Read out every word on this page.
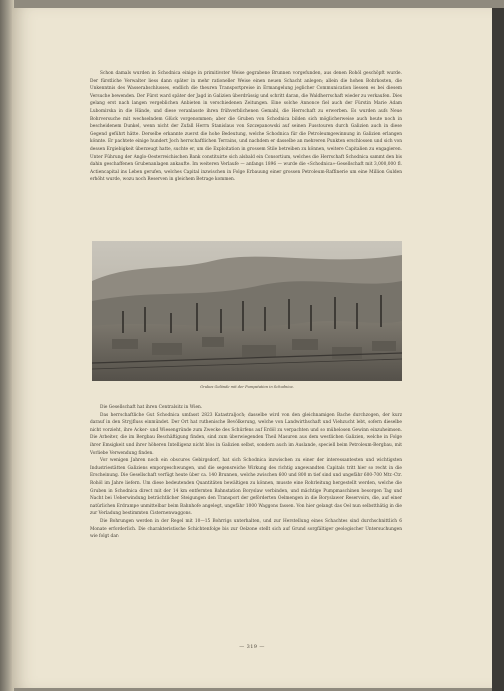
Schon damals wurden in Schodnica einige in primitivster Weise gegrabene Brunnen vorgefunden, aus denen Rohöl geschöpft wurde. Der fürstliche Verwalter liess dann später in mehr rationeller Weise einen neuen Schacht anlegen; allein die hohen Bohrkosten, die Unkenntnis des Wasserabschlusses, endlich die theuren Transportpreise in Ermangelung jeglicher Communication liessen es bei diesem Versuche bewenden. Der Fürst ward später der Jagd in Galizien überdrüssig und schritt daran, die Waldherrschaft wieder zu verkaufen. Dies gelang erst nach langen vergeblichen Anbieten in verschiedenen Zeitungen. Eine solche Annonce fiel auch der Fürstin Marie Adam Lubomirska in die Hände, und diese veranlasste ihren frühverblichenen Gemahl, die Herrschaft zu erwerben. Es wurden aufs Neue Bohrversuche mit wechselndem Glück vorgenommen; aber die Gruben von Schodnica bilden sich möglicherweise auch heute noch in bescheidenem Dunkel, wenn nicht der Zufall Herrn Stanislaus von Szczepanowski auf seinen Fusstouren durch Galizien auch in diese Gegend geführt hätte. Derselbe erkannte zuerst die hohe Bedeutung, welche Schodnica für die Petroleumgewinnung in Galizien erlangen könnte. Er pachtete einige hundert Joch herrschaftlichen Terrains, und nachdem er dasselbe an mehreren Punkten erschlossen und sich von dessen Ergiebigkeit überzeugt hatte, suchte er, um die Exploitation in grossem Stile betreiben zu können, weitere Capitalien zu engagieren. Unter Führung der Anglo-Oesterreichischen Bank constituirte sich alsbald ein Consortium, welches die Herrschaft Schodnica sammt den bis dahin geschaffenen Grubenanlagen ankaufte. Im weiteren Verlaufe — anfangs 1896 — wurde die «Schodnica»-Gesellschaft mit 3,000,000 fl. Actiencapital ins Leben gerufen, welches Capital inzwischen in Folge Erbauung einer grossen Petroleum-Raffinerie um eine Million Gulden erhöht wurde, wozu noch Reserven in gleichem Betrage kommen.

Grubes Gelände mit der Pumpstation in Schodnica.

Die Gesellschaft hat ihren Centralsitz in Wien.

Das herrschaftliche Gut Schodnica umfasst 2823 Katastraljoch; dasselbe wird von den gleichnamigen Bache durchzogen, der kurz darauf in den Stryjfluss einmündet. Der Ort hat ruthenische Bevölkerung, welche von Landwirthschaft und Viehzucht lebt, sofern dieselbe nicht vorzieht, ihre Acker- und Wiesengründe zum Zwecke des Schürfens auf Erdöl zu verpachten und so mühelosen Gewinn einzuheimsen. Die Arbeiter, die im Bergbau Beschäftigung finden, sind zum überwiegenden Theil Masuren aus dem westlichen Galizien, welche in Folge ihrer Emsigkeit und ihrer höheren Intelligenz nicht blos in Galizien selbst, sondern auch im Auslande, speciell beim Petroleum-Bergbau, mit Vorliebe Verwendung finden.

Vor wenigen Jahren noch ein obscures Gebirgsdorf, hat sich Schodnica inzwischen zu einer der interessantesten und wichtigsten Industriestätten Galiziens emporgeschwungen, und die segensreiche Wirkung des richtig angewandten Capitals tritt hier so recht in die Erscheinung. Die Gesellschaft verfügt heute über ca. 140 Brunnen, welche zwischen 600 und 800 m tief sind und ungefähr 600-700 Mtr.-Ctr. Rohöl im Jahre liefern. Um diese bedeutenden Quantitäten bewältigen zu können, musste eine Rohrleitung hergestellt werden, welche die Gruben in Schodnica direct mit der 14 km entfernten Bahnstation Boryslaw verbinden, und mächtige Pumpmaschinen besorgen Tag und Nacht bei Ueberwindung beträchtlicher Steigungen den Transport der geförderten Oelmengen in die Boryslawer Reservoirs, die, auf einer natürlichen Erdrampe unmittelbar beim Bahnhofe angelegt, ungefähr 1000 Waggons fassen. Von hier gelangt das Oel nun selbstthätig in die zur Verladung bestimmten Cisternenwaggons.

Die Bohrungen werden in der Regel mit 10—15 Bohrrigs unterhalten, und zur Herstellung eines Schachtes sind durchschnittlich 6 Monate erforderlich. Die charakteristische Schichtenfolge bis zur Oelzone stellt sich auf Grund sorgfältiger geologischer Untersuchungen wie folgt dar:

— 319 —
